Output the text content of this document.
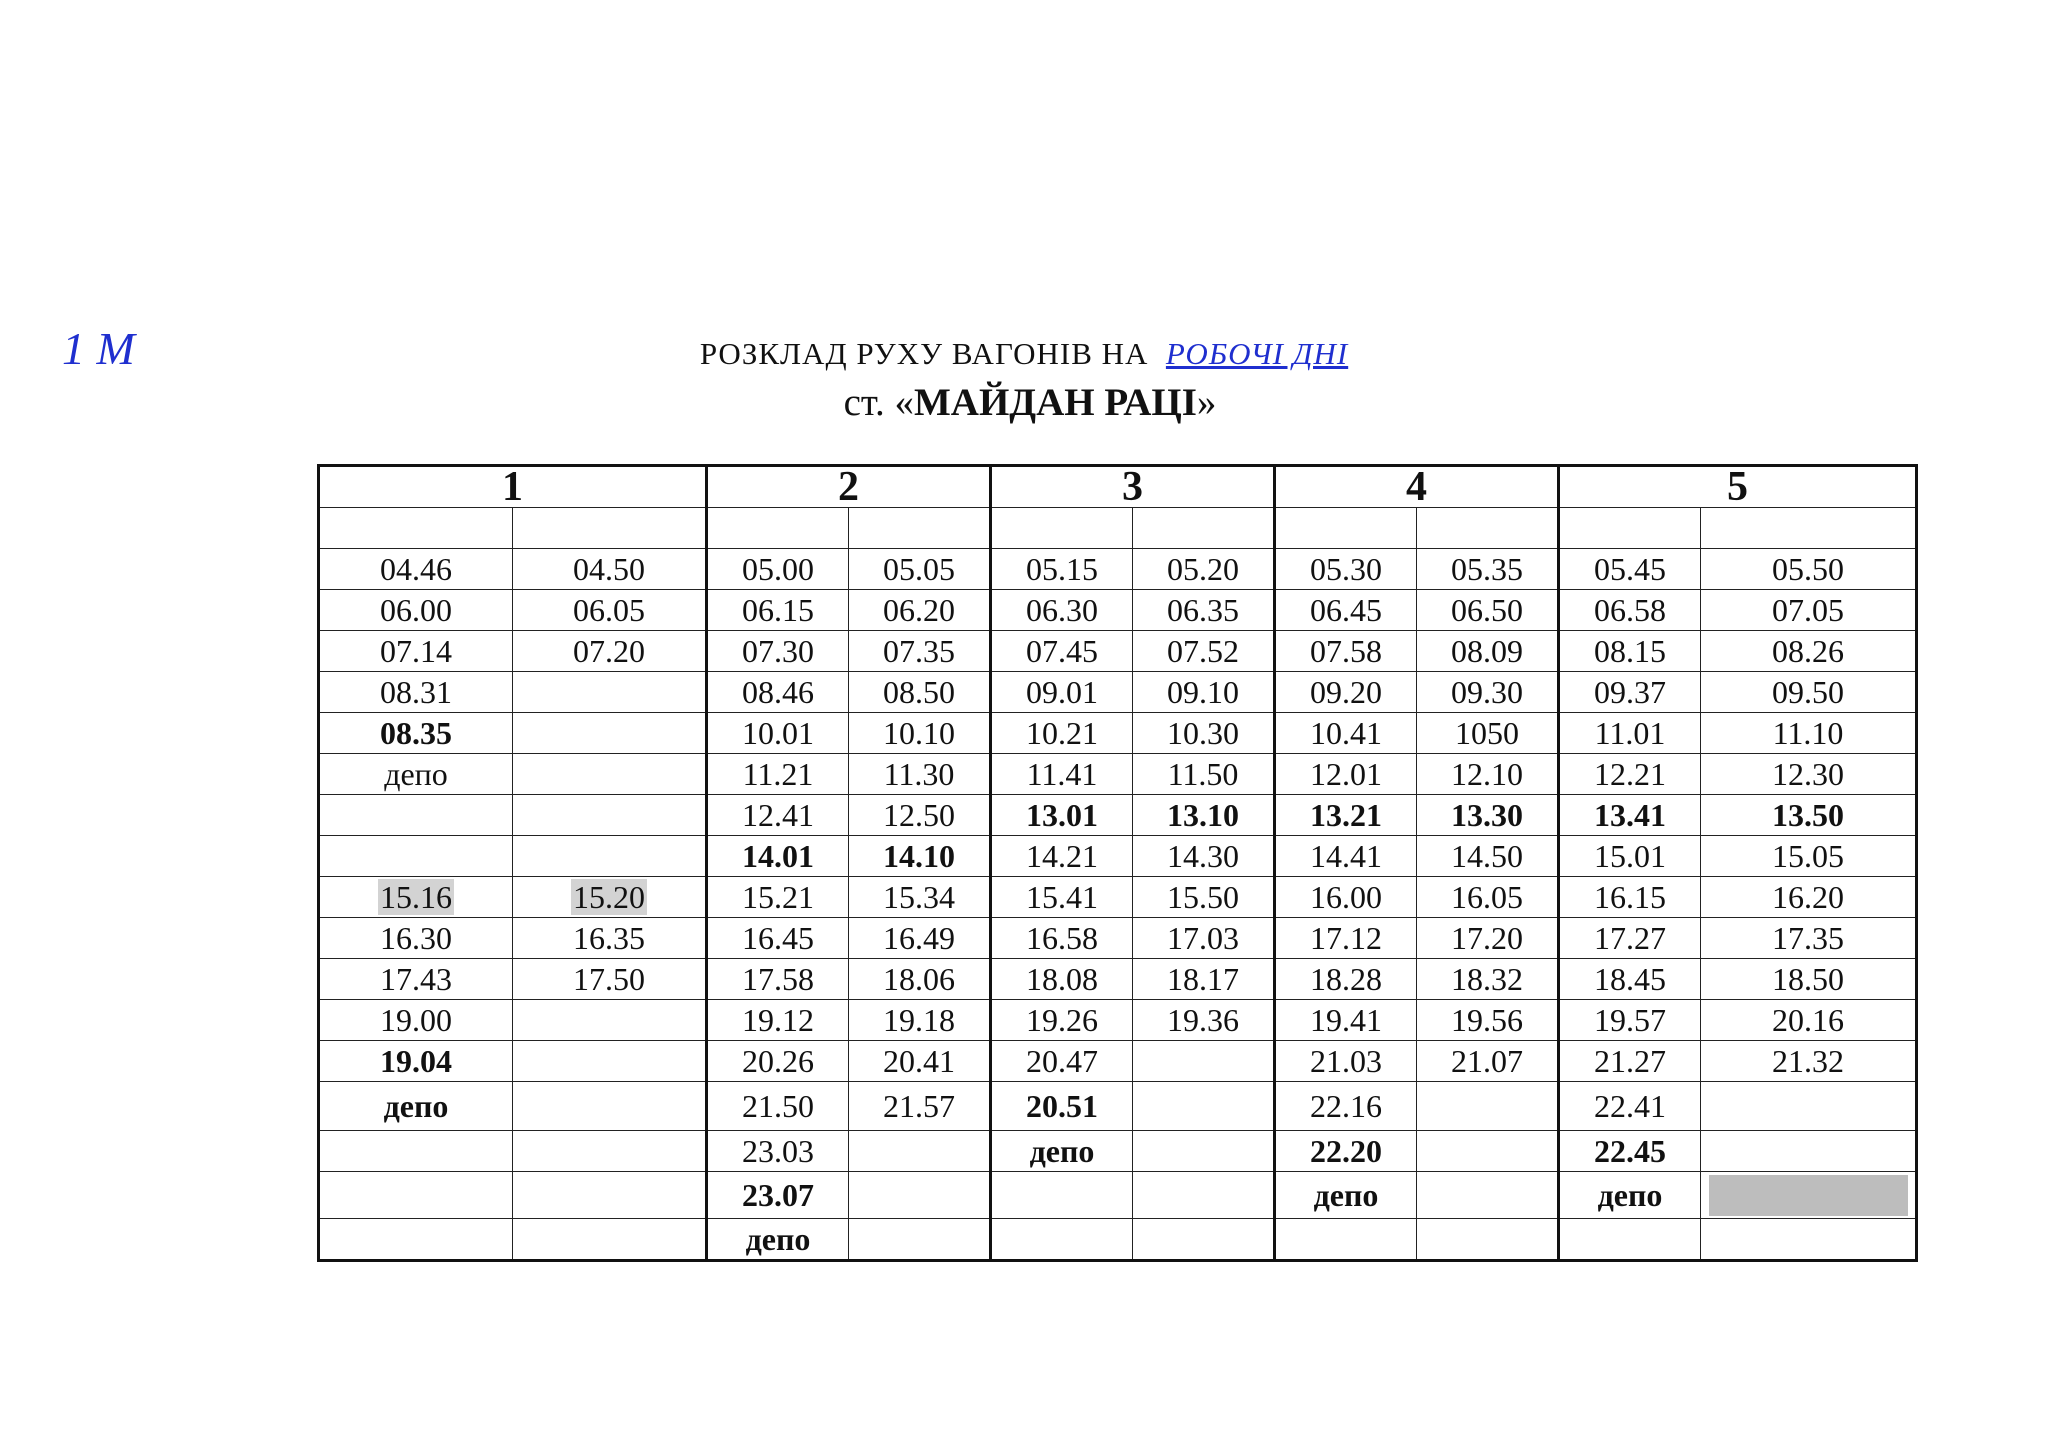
1 М	РОЗКЛАД РУХУ ВАГОНІВ НА РОБОЧІ ДНІ
ст. «МАЙДАН РАЦІ»
1		2		3		4		5	

04.46	04.50	05.00	05.05	05.15	05.20	05.30	05.35	05.45	05.50
06.00	06.05	06.15	06.20	06.30	06.35	06.45	06.50	06.58	07.05
07.14	07.20	07.30	07.35	07.45	07.52	07.58	08.09	08.15	08.26
08.31		08.46	08.50	09.01	09.10	09.20	09.30	09.37	09.50
08.35		10.01	10.10	10.21	10.30	10.41	1050	11.01	11.10
депо		11.21	11.30	11.41	11.50	12.01	12.10	12.21	12.30
		12.41	12.50	13.01	13.10	13.21	13.30	13.41	13.50
		14.01	14.10	14.21	14.30	14.41	14.50	15.01	15.05
15.16	15.20	15.21	15.34	15.41	15.50	16.00	16.05	16.15	16.20
16.30	16.35	16.45	16.49	16.58	17.03	17.12	17.20	17.27	17.35
17.43	17.50	17.58	18.06	18.08	18.17	18.28	18.32	18.45	18.50
19.00		19.12	19.18	19.26	19.36	19.41	19.56	19.57	20.16
19.04		20.26	20.41	20.47		21.03	21.07	21.27	21.32
депо		21.50	21.57	20.51		22.16		22.41	
		23.03		депо		22.20		22.45	
		23.07				депо		депо	
		депо							
